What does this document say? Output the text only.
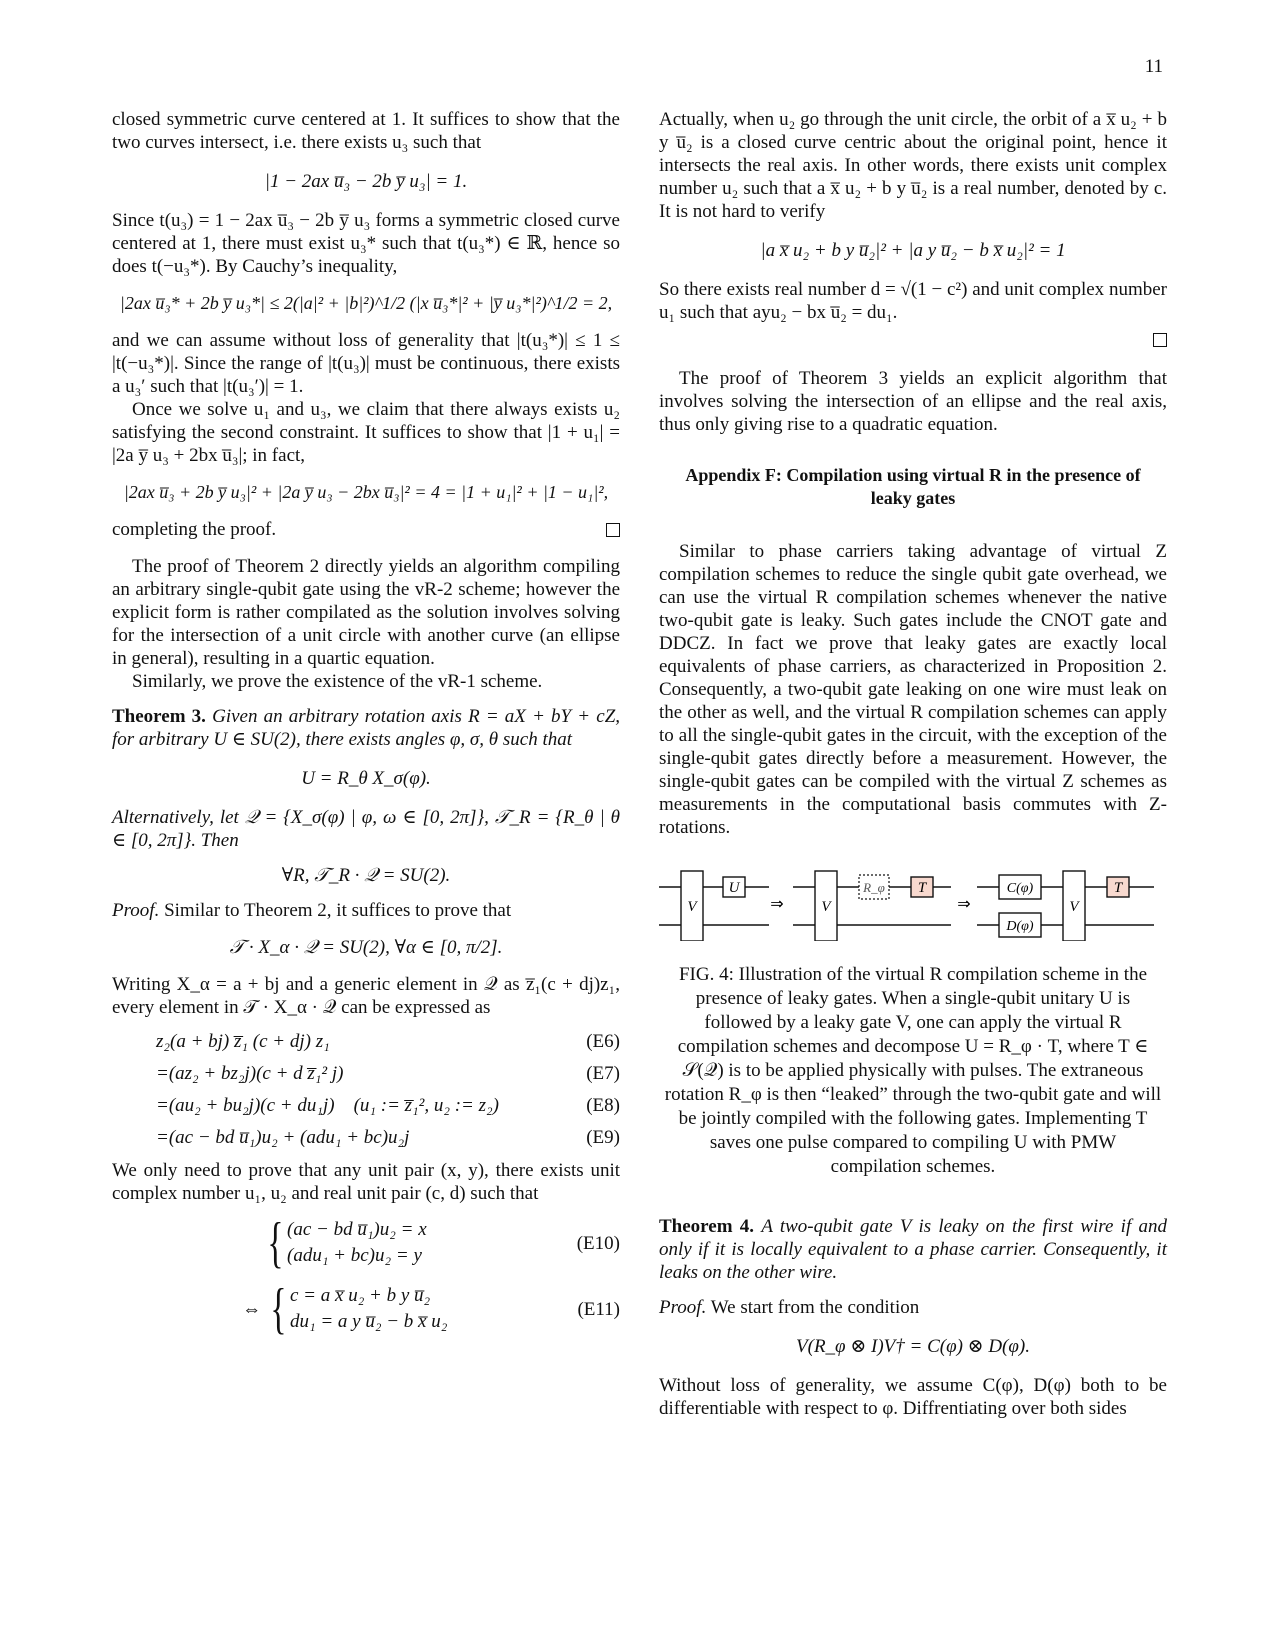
11

closed symmetric curve centered at 1. It suffices to show that the two curves intersect, i.e. there exists u₃ such that

|1 − 2ax u̅₃ − 2b y̅ u₃| = 1.

Since t(u₃) = 1 − 2ax u̅₃ − 2b y̅ u₃ forms a symmetric closed curve centered at 1, there must exist u₃* such that t(u₃*) ∈ ℝ, hence so does t(−u₃*). By Cauchy’s inequality,

|2ax u̅₃* + 2b y̅ u₃*| ≤ 2(|a|² + |b|²)^1/2 (|x u̅₃*|² + |y̅ u₃*|²)^1/2 = 2,

and we can assume without loss of generality that |t(u₃*)| ≤ 1 ≤ |t(−u₃*)|. Since the range of |t(u₃)| must be continuous, there exists a u₃′ such that |t(u₃′)| = 1.

Once we solve u₁ and u₃, we claim that there always exists u₂ satisfying the second constraint. It suffices to show that |1 + u₁| = |2a y̅ u₃ + 2bx u̅₃|; in fact,

|2ax u̅₃ + 2b y̅ u₃|² + |2a y̅ u₃ − 2bx u̅₃|² = 4 = |1 + u₁|² + |1 − u₁|²,
completing the proof.

The proof of Theorem 2 directly yields an algorithm compiling an arbitrary single-qubit gate using the vR-2 scheme; however the explicit form is rather compilated as the solution involves solving for the intersection of a unit circle with another curve (an ellipse in general), resulting in a quartic equation.

Similarly, we prove the existence of the vR-1 scheme.

Theorem 3. Given an arbitrary rotation axis R = aX + bY + cZ, for arbitrary U ∈ SU(2), there exists angles φ, σ, θ such that

U = R_θ X_σ(φ).

Alternatively, let 𝒬 = {X_σ(φ) | φ, ω ∈ [0, 2π]}, 𝒯_R = {R_θ | θ ∈ [0, 2π]}. Then

∀R, 𝒯_R · 𝒬 = SU(2).

Proof. Similar to Theorem 2, it suffices to prove that

𝒯 · X_α · 𝒬 = SU(2), ∀α ∈ [0, π/2].

Writing X_α = a + bj and a generic element in 𝒬 as z̅₁(c + dj)z₁, every element in 𝒯 · X_α · 𝒬 can be expressed as

z₂(a + bj) z̅₁ (c + dj) z₁	(E6)
=(az₂ + bz₂j)(c + d z̅₁² j)	(E7)
=(au₂ + bu₂j)(c + du₁j)    (u₁ := z̅₁², u₂ := z₂)	(E8)
=(ac − bd u̅₁)u₂ + (adu₁ + bc)u₂j	(E9)

We only need to prove that any unit pair (x, y), there exists unit complex number u₁, u₂ and real unit pair (c, d) such that

{ (ac − bd u̅₁)u₂ = x
(adu₁ + bc)u₂ = y
(E10)
⇔ { c = a x̅ u₂ + b y u̅₂
du₁ = a y u̅₂ − b x̅ u₂
(E11)

Actually, when u₂ go through the unit circle, the orbit of a x̅ u₂ + b y u̅₂ is a closed curve centric about the original point, hence it intersects the real axis. In other words, there exists unit complex number u₂ such that a x̅ u₂ + b y u̅₂ is a real number, denoted by c. It is not hard to verify

|a x̅ u₂ + b y u̅₂|² + |a y u̅₂ − b x̅ u₂|² = 1

So there exists real number d = √(1 − c²) and unit complex number u₁ such that ayu₂ − bx u̅₂ = du₁.

The proof of Theorem 3 yields an explicit algorithm that involves solving the intersection of an ellipse and the real axis, thus only giving rise to a quadratic equation.

Appendix F: Compilation using virtual R in the presence of leaky gates

Similar to phase carriers taking advantage of virtual Z compilation schemes to reduce the single qubit gate overhead, we can use the virtual R compilation schemes whenever the native two-qubit gate is leaky. Such gates include the CNOT gate and DDCZ. In fact we prove that leaky gates are exactly local equivalents of phase carriers, as characterized in Proposition 2. Consequently, a two-qubit gate leaking on one wire must leak on the other as well, and the virtual R compilation schemes can apply to all the single-qubit gates in the circuit, with the exception of the single-qubit gates directly before a measurement. However, the single-qubit gates can be compiled with the virtual Z schemes as measurements in the computational basis commutes with Z-rotations.

V
U
⇒	V
R_φ T
⇒
C(φ)
D(φ)
V
T
FIG. 4: Illustration of the virtual R compilation scheme in the presence of leaky gates. When a single-qubit unitary U is followed by a leaky gate V, one can apply the virtual R compilation schemes and decompose U = R_φ · T, where T ∈ 𝒮(𝒬) is to be applied physically with pulses. The extraneous rotation R_φ is then “leaked” through the two-qubit gate and will be jointly compiled with the following gates. Implementing T saves one pulse compared to compiling U with PMW compilation schemes.

Theorem 4. A two-qubit gate V is leaky on the first wire if and only if it is locally equivalent to a phase carrier. Consequently, it leaks on the other wire.

Proof. We start from the condition

V(R_φ ⊗ I)V† = C(φ) ⊗ D(φ).

Without loss of generality, we assume C(φ), D(φ) both to be differentiable with respect to φ. Diffrentiating over both sides
